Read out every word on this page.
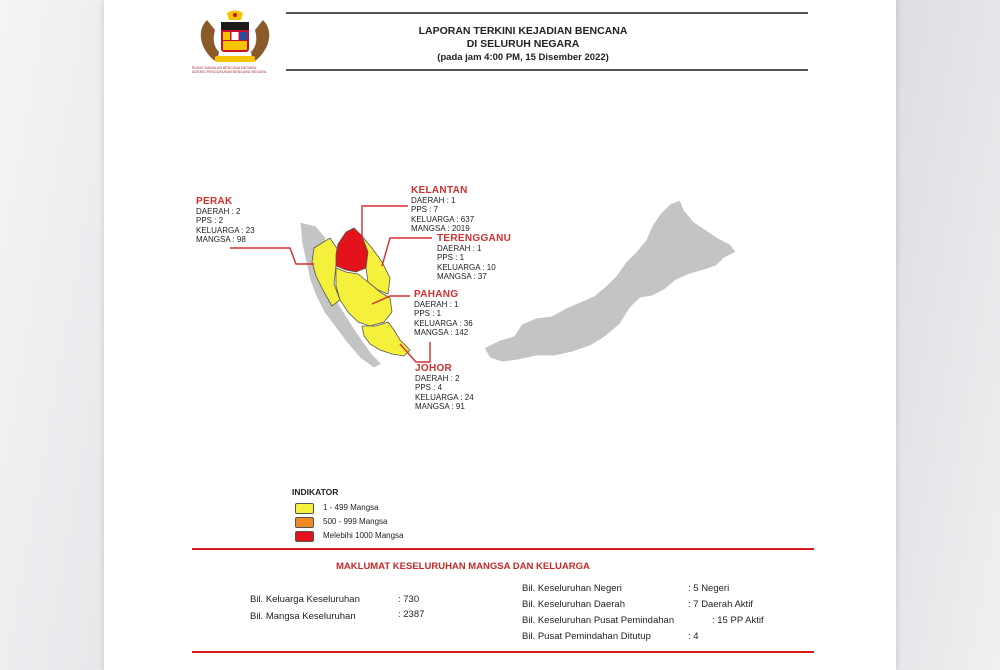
PUSAT KAWALAN BENCANA NEGARA
AGENSI PENGURUSAN BENCANA NEGARA
LAPORAN TERKINI KEJADIAN BENCANA
DI SELURUH NEGARA
(pada jam 4:00 PM, 15 Disember 2022)
PERAK
DAERAH : 2
PPS : 2
KELUARGA : 23
MANGSA : 98
KELANTAN
DAERAH : 1
PPS : 7
KELUARGA : 637
MANGSA : 2019
TERENGGANU
DAERAH : 1
PPS : 1
KELUARGA : 10
MANGSA : 37
PAHANG
DAERAH : 1
PPS : 1
KELUARGA : 36
MANGSA : 142
JOHOR
DAERAH : 2
PPS : 4
KELUARGA : 24
MANGSA : 91
INDIKATOR
1 - 499 Mangsa
500 - 999 Mangsa
Melebihi 1000 Mangsa
MAKLUMAT KESELURUHAN MANGSA DAN KELUARGA
Bil. Keluarga Keseluruhan	: 730
Bil. Mangsa Keseluruhan	: 2387
Bil. Keseluruhan Negeri	: 5 Negeri
Bil. Keseluruhan Daerah	: 7 Daerah Aktif
Bil. Keseluruhan Pusat Pemindahan	: 15 PP Aktif
Bil. Pusat Pemindahan Ditutup	: 4
